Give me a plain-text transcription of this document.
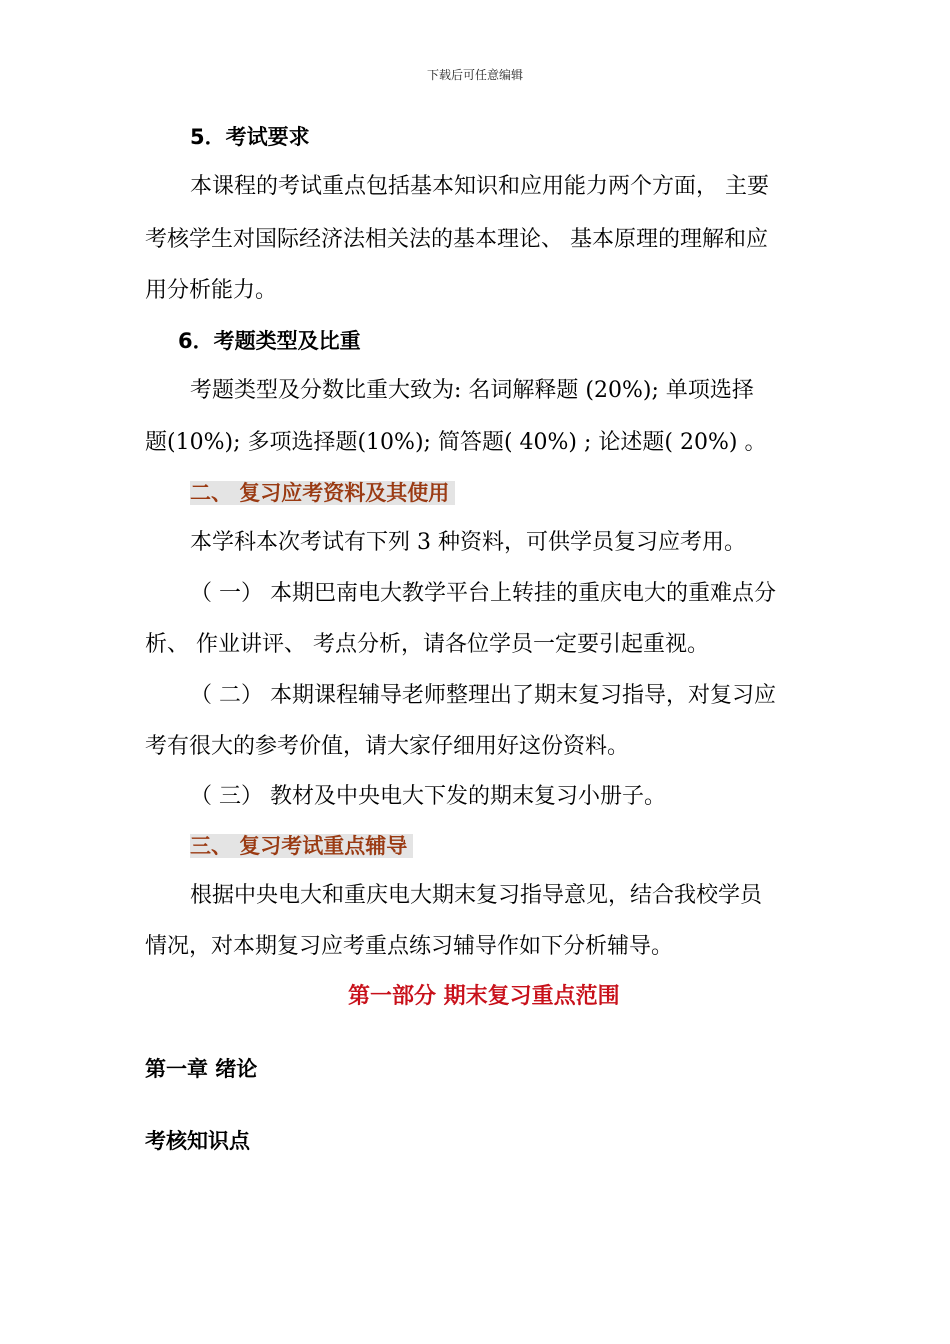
下载后可任意编辑
5．考试要求
本课程的考试重点包括基本知识和应用能力两个方面， 主要
考核学生对国际经济法相关法的基本理论、 基本原理的理解和应
用分析能力。
6．考题类型及比重
考题类型及分数比重大致为: 名词解释题 (20%); 单项选择
题(10%); 多项选择题(10%); 简答题( 40%) ; 论述题( 20%) 。
二、 复习应考资料及其使用
本学科本次考试有下列 3 种资料，可供学员复习应考用。
（ 一） 本期巴南电大教学平台上转挂的重庆电大的重难点分
析、 作业讲评、 考点分析，请各位学员一定要引起重视。
（ 二） 本期课程辅导老师整理出了期末复习指导，对复习应
考有很大的参考价值，请大家仔细用好这份资料。
（ 三） 教材及中央电大下发的期末复习小册子。
三、 复习考试重点辅导
根据中央电大和重庆电大期末复习指导意见，结合我校学员
情况，对本期复习应考重点练习辅导作如下分析辅导。
第一部分 期末复习重点范围
第一章 绪论
考核知识点
